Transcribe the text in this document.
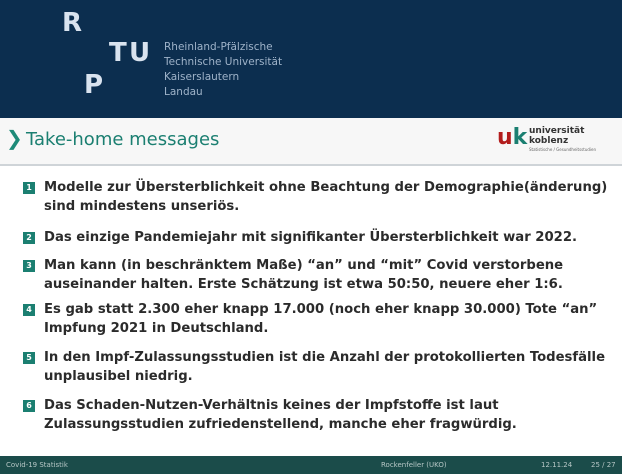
R
T U
P
Rheinland-Pfälzische
Technische Universität
Kaiserslautern
Landau
❯ Take-home messages	uk universität
koblenz
Statistische / Gesundheitsstudien
1 Modelle zur Übersterblichkeit ohne Beachtung der Demographie(änderung) sind mindestens unseriös.
2 Das einzige Pandemiejahr mit signifikanter Übersterblichkeit war 2022.
3 Man kann (in beschränktem Maße) “an” und “mit” Covid verstorbene auseinander halten. Erste Schätzung ist etwa 50:50, neuere eher 1:6.
4 Es gab statt 2.300 eher knapp 17.000 (noch eher knapp 30.000) Tote “an” Impfung 2021 in Deutschland.
5 In den Impf-Zulassungsstudien ist die Anzahl der protokollierten Todesfälle unplausibel niedrig.
6 Das Schaden-Nutzen-Verhältnis keines der Impfstoffe ist laut Zulassungsstudien zufriedenstellend, manche eher fragwürdig.
Covid-19 Statistik	Rockenfeller (UKO)	12.11.24	25 / 27
